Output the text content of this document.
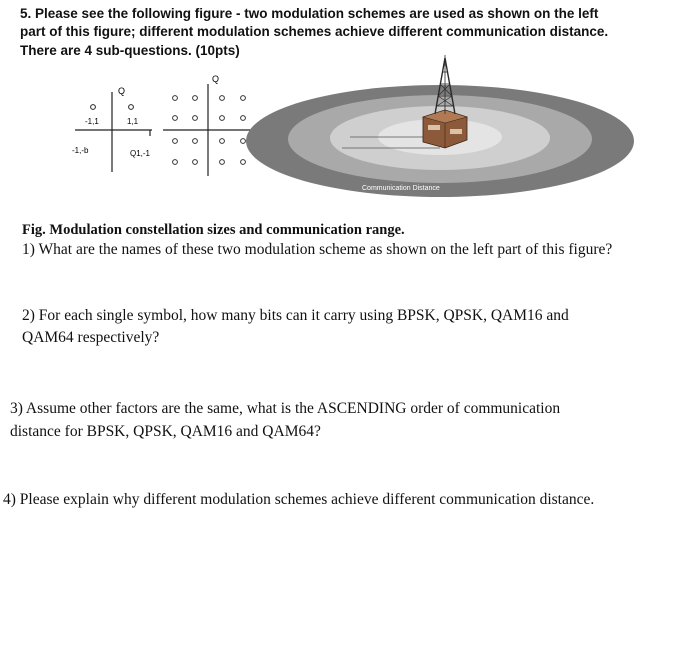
5. Please see the following figure - two modulation schemes are used as shown on the left
part of this figure; different modulation schemes achieve different communication distance.
There are 4 sub-questions. (10pts)
Q
-1,1	1,1
-1,-b	Q1,-1
Q
Communication Distance
Fig. Modulation constellation sizes and communication range.
1) What are the names of these two modulation scheme as shown on the left part of this figure?
2) For each single symbol, how many bits can it carry using BPSK, QPSK, QAM16 and
QAM64 respectively?
3) Assume other factors are the same, what is the ASCENDING order of communication
distance for BPSK, QPSK, QAM16 and QAM64?
4) Please explain why different modulation schemes achieve different communication distance.
